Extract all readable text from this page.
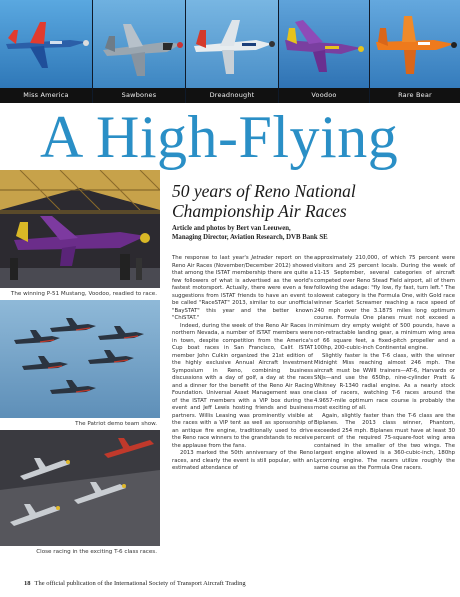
Miss America	Sawbones	Dreadnought	Voodoo	Rare Bear
A High-Flying
The winning P-51 Mustang, Voodoo, readied to race.
The Patriot demo team show.
Close racing in the exciting T-6 class races.
50 years of Reno National
Championship Air Races
Article and photos by Bert van Leeuwen,
Managing Director, Aviation Research, DVB Bank SE

The response to last year's Jetrader report on the Reno Air Races (November/December 2012) showed that among the ISTAT membership there are quite a few followers of what is advertised as the world's fastest motorsport. Actually, there were even a few suggestions from ISTAT friends to have an event to be called "RaceSTAT" 2013, similar to our unofficial "BaySTAT" this year and the better known "ChiSTAT."

Indeed, during the week of the Reno Air Races in northern Nevada, a number of ISTAT members were in town, despite competition from the America's Cup boat races in San Francisco, Calif. ISTAT member John Culkin organized the 21st edition of the highly exclusive Annual Aircraft Investment Symposium in Reno, combining business discussions with a day of golf, a day at the races and a dinner for the benefit of the Reno Air Racing Foundation. Universal Asset Management was one of the ISTAT members with a VIP box during the event and Jeff Lewis hosting friends and business partners. Willis Leasing was prominently visible at the races with a VIP tent as well as sponsorship of an antique fire engine, traditionally used to drive the Reno race winners to the grandstands to receive the applause from the fans.

2013 marked the 50th anniversary of the Reno races, and clearly the event is still popular, with an estimated attendance of

approximately 210,000, of which 75 percent were visitors and 25 percent locals. During the week of 11-15 September, several categories of aircraft competed over Reno Stead Field airport, all of them following the adage: "fly low, fly fast, turn left." The slowest category is the Formula One, with Gold race winner Scarlet Screamer reaching a race speed of 240 mph over the 3.1875 miles long optimum course. Formula One planes must not exceed a minimum dry empty weight of 500 pounds, have a non-retractable landing gear, a minimum wing area of 66 square feet, a fixed-pitch propeller and a 100hp, 200-cubic-inch Continental engine.

Slightly faster is the T-6 class, with the winner Midnight Miss reaching almost 246 mph. The aircraft must be WWII trainers—AT-6, Harvards or SNJs—and use the 650hp, nine-cylinder Pratt & Whitney R-1340 radial engine. As a nearly stock class of racers, watching T-6 races around the 4.9657-mile optimum race course is probably the most exciting of all.

Again, slightly faster than the T-6 class are the Biplanes. The 2013 class winner, Phantom, exceeded 254 mph. Biplanes must have at least 30 percent of the required 75-square-foot wing area contained in the smaller of the two wings. The largest engine allowed is a 360-cubic-inch, 180hp Lycoming engine. The racers utilize roughly the same course as the Formula One racers.

18 The official publication of the International Society of Transport Aircraft Trading
